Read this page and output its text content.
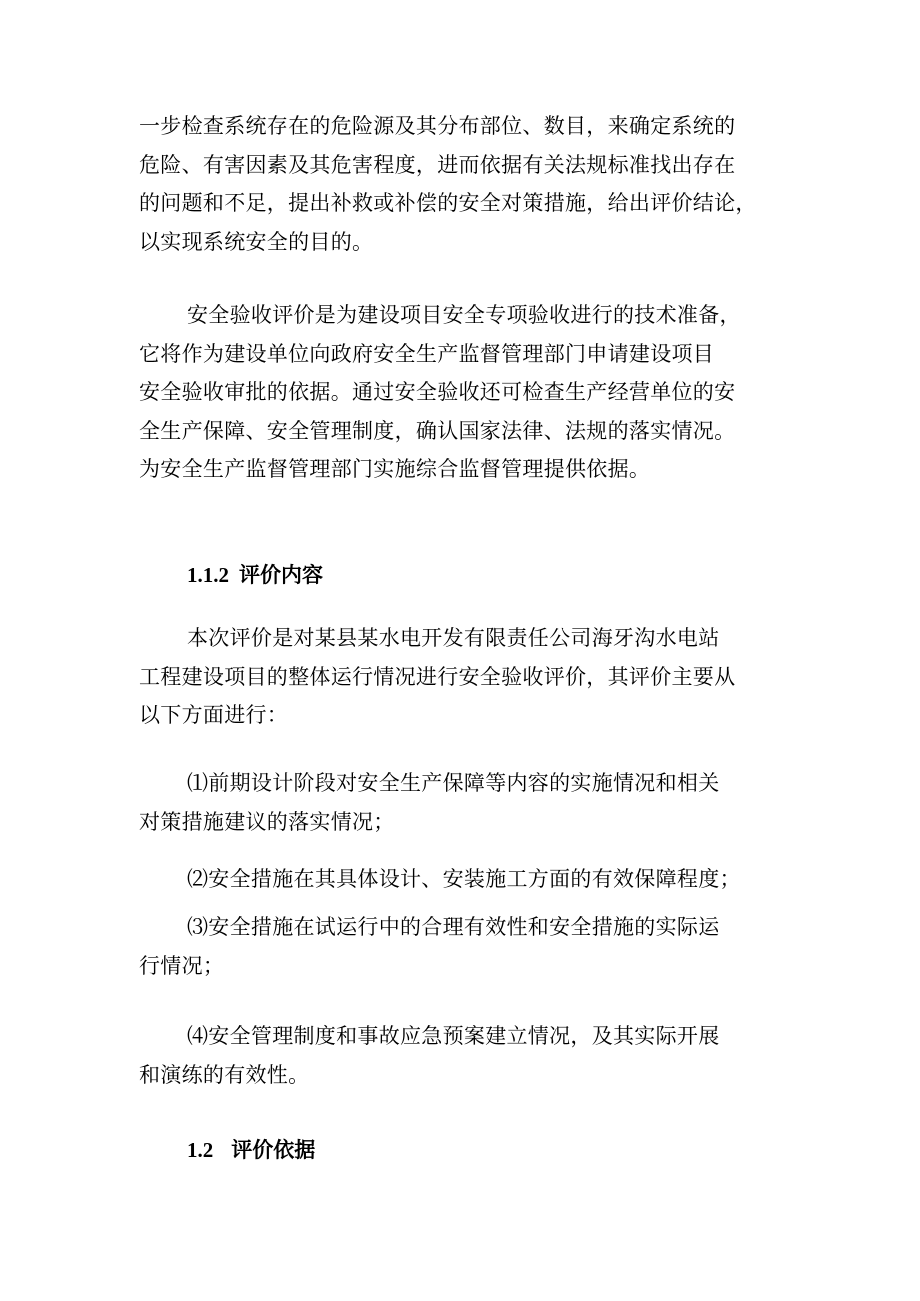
一步检查系统存在的危险源及其分布部位、数目，来确定系统的
危险、有害因素及其危害程度，进而依据有关法规标准找出存在
的问题和不足，提出补救或补偿的安全对策措施，给出评价结论，
以实现系统安全的目的。
安全验收评价是为建设项目安全专项验收进行的技术准备，
它将作为建设单位向政府安全生产监督管理部门申请建设项目
安全验收审批的依据。通过安全验收还可检查生产经营单位的安
全生产保障、安全管理制度，确认国家法律、法规的落实情况。
为安全生产监督管理部门实施综合监督管理提供依据。
1.1.2 评价内容
本次评价是对某县某水电开发有限责任公司海牙沟水电站
工程建设项目的整体运行情况进行安全验收评价，其评价主要从
以下方面进行：
⑴前期设计阶段对安全生产保障等内容的实施情况和相关
对策措施建议的落实情况；
⑵安全措施在其具体设计、安装施工方面的有效保障程度；
⑶安全措施在试运行中的合理有效性和安全措施的实际运
行情况；
⑷安全管理制度和事故应急预案建立情况，及其实际开展
和演练的有效性。
1.2 评价依据
